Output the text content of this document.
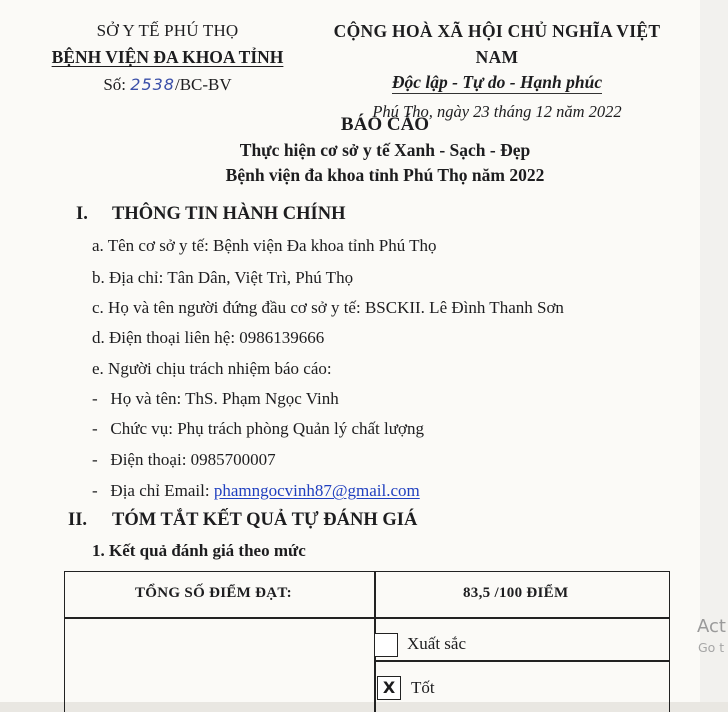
SỞ Y TẾ PHÚ THỌ
BỆNH VIỆN ĐA KHOA TỈNH
Số: 2538/BC-BV
CỘNG HOÀ XÃ HỘI CHỦ NGHĨA VIỆT NAM
Độc lập - Tự do - Hạnh phúc
Phú Thọ, ngày 23 tháng 12 năm 2022
BÁO CÁO
Thực hiện cơ sở y tế Xanh - Sạch - Đẹp
Bệnh viện đa khoa tỉnh Phú Thọ năm 2022
I. THÔNG TIN HÀNH CHÍNH
a. Tên cơ sở y tế: Bệnh viện Đa khoa tỉnh Phú Thọ
b. Địa chỉ: Tân Dân, Việt Trì, Phú Thọ
c. Họ và tên người đứng đầu cơ sở y tế: BSCKII. Lê Đình Thanh Sơn
d. Điện thoại liên hệ: 0986139666
e. Người chịu trách nhiệm báo cáo:
-   Họ và tên: ThS. Phạm Ngọc Vinh
-   Chức vụ: Phụ trách phòng Quản lý chất lượng
-   Điện thoại: 0985700007
-   Địa chỉ Email: phamngocvinh87@gmail.com
II. TÓM TẮT KẾT QUẢ TỰ ĐÁNH GIÁ
1. Kết quả đánh giá theo mức
TỔNG SỐ ĐIỂM ĐẠT:	83,5 /100 ĐIỂM
Xuất sắc
X Tốt
Act
Go t
